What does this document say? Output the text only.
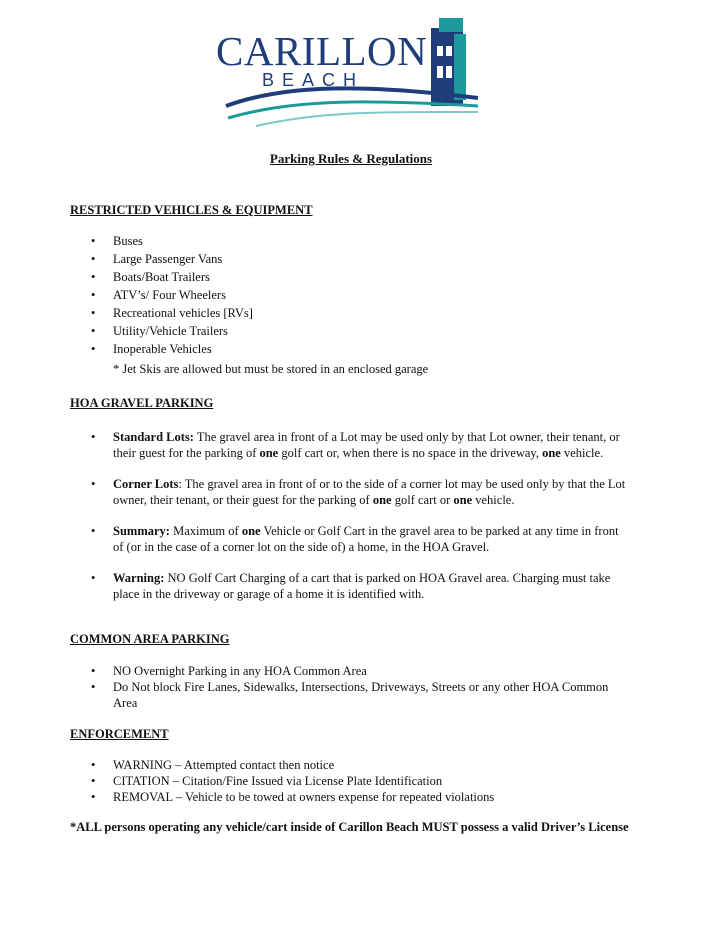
CARILLON
BEACH
Parking Rules & Regulations
RESTRICTED VEHICLES & EQUIPMENT
• Buses
• Large Passenger Vans
• Boats/Boat Trailers
• ATV’s/ Four Wheelers
• Recreational vehicles [RVs]
• Utility/Vehicle Trailers
• Inoperable Vehicles
* Jet Skis are allowed but must be stored in an enclosed garage
HOA GRAVEL PARKING
• Standard Lots: The gravel area in front of a Lot may be used only by that Lot owner, their tenant, or their guest for the parking of one golf cart or, when there is no space in the driveway, one vehicle.
• Corner Lots: The gravel area in front of or to the side of a corner lot may be used only by that the Lot owner, their tenant, or their guest for the parking of one golf cart or one vehicle.
• Summary: Maximum of one Vehicle or Golf Cart in the gravel area to be parked at any time in front of (or in the case of a corner lot on the side of) a home, in the HOA Gravel.
• Warning: NO Golf Cart Charging of a cart that is parked on HOA Gravel area. Charging must take place in the driveway or garage of a home it is identified with.
COMMON AREA PARKING
• NO Overnight Parking in any HOA Common Area
• Do Not block Fire Lanes, Sidewalks, Intersections, Driveways, Streets or any other HOA Common Area
ENFORCEMENT
• WARNING – Attempted contact then notice
• CITATION – Citation/Fine Issued via License Plate Identification
• REMOVAL – Vehicle to be towed at owners expense for repeated violations
*ALL persons operating any vehicle/cart inside of Carillon Beach MUST possess a valid Driver’s License
